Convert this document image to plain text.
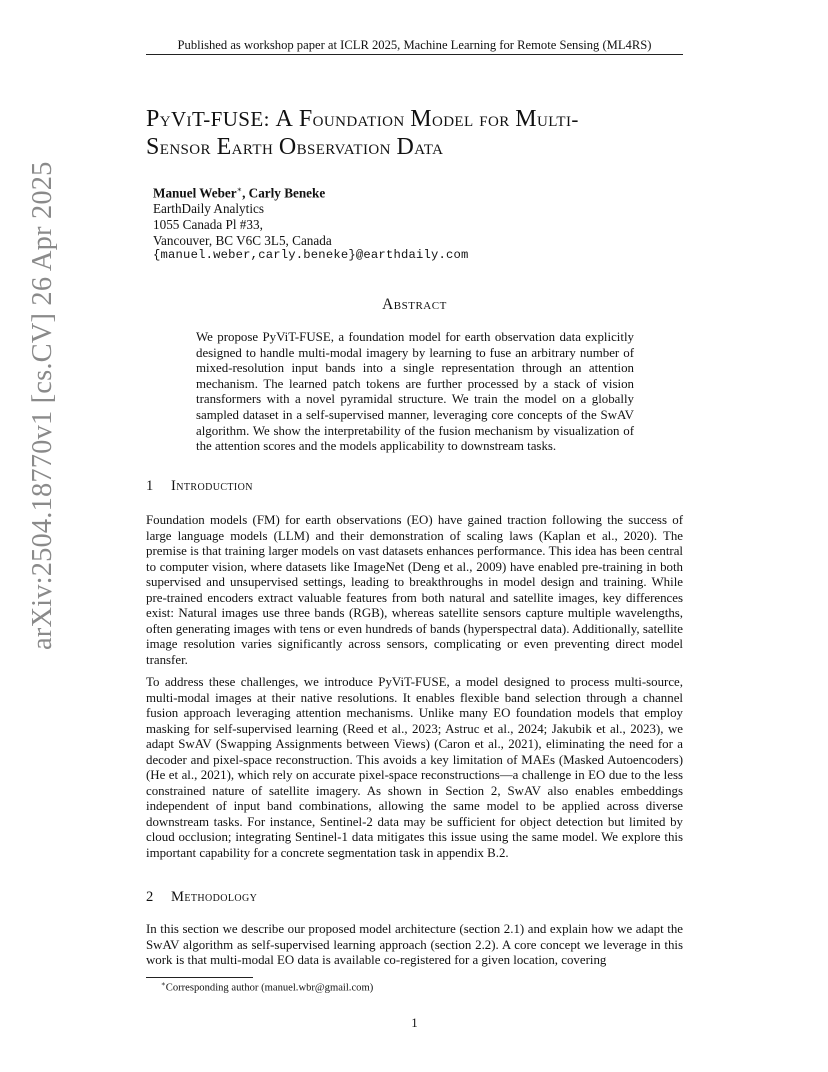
Published as workshop paper at ICLR 2025, Machine Learning for Remote Sensing (ML4RS)
arXiv:2504.18770v1 [cs.CV] 26 Apr 2025
PyViT-FUSE: A Foundation Model for Multi-
Sensor Earth Observation Data
Manuel Weber∗, Carly Beneke
EarthDaily Analytics
1055 Canada Pl #33,
Vancouver, BC V6C 3L5, Canada
{manuel.weber,carly.beneke}@earthdaily.com
Abstract
We propose PyViT-FUSE, a foundation model for earth observation data explicitly designed to handle multi-modal imagery by learning to fuse an arbitrary number of mixed-resolution input bands into a single representation through an attention mechanism. The learned patch tokens are further processed by a stack of vision transformers with a novel pyramidal structure. We train the model on a globally sampled dataset in a self-supervised manner, leveraging core concepts of the SwAV algorithm. We show the interpretability of the fusion mechanism by visualization of the attention scores and the models applicability to downstream tasks.
1 Introduction
Foundation models (FM) for earth observations (EO) have gained traction following the success of large language models (LLM) and their demonstration of scaling laws (Kaplan et al., 2020). The premise is that training larger models on vast datasets enhances performance. This idea has been central to computer vision, where datasets like ImageNet (Deng et al., 2009) have enabled pre-training in both supervised and unsupervised settings, leading to breakthroughs in model design and training. While pre-trained encoders extract valuable features from both natural and satellite images, key differences exist: Natural images use three bands (RGB), whereas satellite sensors capture multiple wavelengths, often generating images with tens or even hundreds of bands (hyperspectral data). Additionally, satellite image resolution varies significantly across sensors, complicating or even preventing direct model transfer.
To address these challenges, we introduce PyViT-FUSE, a model designed to process multi-source, multi-modal images at their native resolutions. It enables flexible band selection through a channel fusion approach leveraging attention mechanisms. Unlike many EO foundation models that employ masking for self-supervised learning (Reed et al., 2023; Astruc et al., 2024; Jakubik et al., 2023), we adapt SwAV (Swapping Assignments between Views) (Caron et al., 2021), eliminating the need for a decoder and pixel-space reconstruction. This avoids a key limitation of MAEs (Masked Autoencoders) (He et al., 2021), which rely on accurate pixel-space reconstructions—a challenge in EO due to the less constrained nature of satellite imagery. As shown in Section 2, SwAV also enables embeddings independent of input band combinations, allowing the same model to be applied across diverse downstream tasks. For instance, Sentinel-2 data may be sufficient for object detection but limited by cloud occlusion; integrating Sentinel-1 data mitigates this issue using the same model. We explore this important capability for a concrete segmentation task in appendix B.2.
2 Methodology
In this section we describe our proposed model architecture (section 2.1) and explain how we adapt the SwAV algorithm as self-supervised learning approach (section 2.2). A core concept we leverage in this work is that multi-modal EO data is available co-registered for a given location, covering
∗Corresponding author (manuel.wbr@gmail.com)
1
